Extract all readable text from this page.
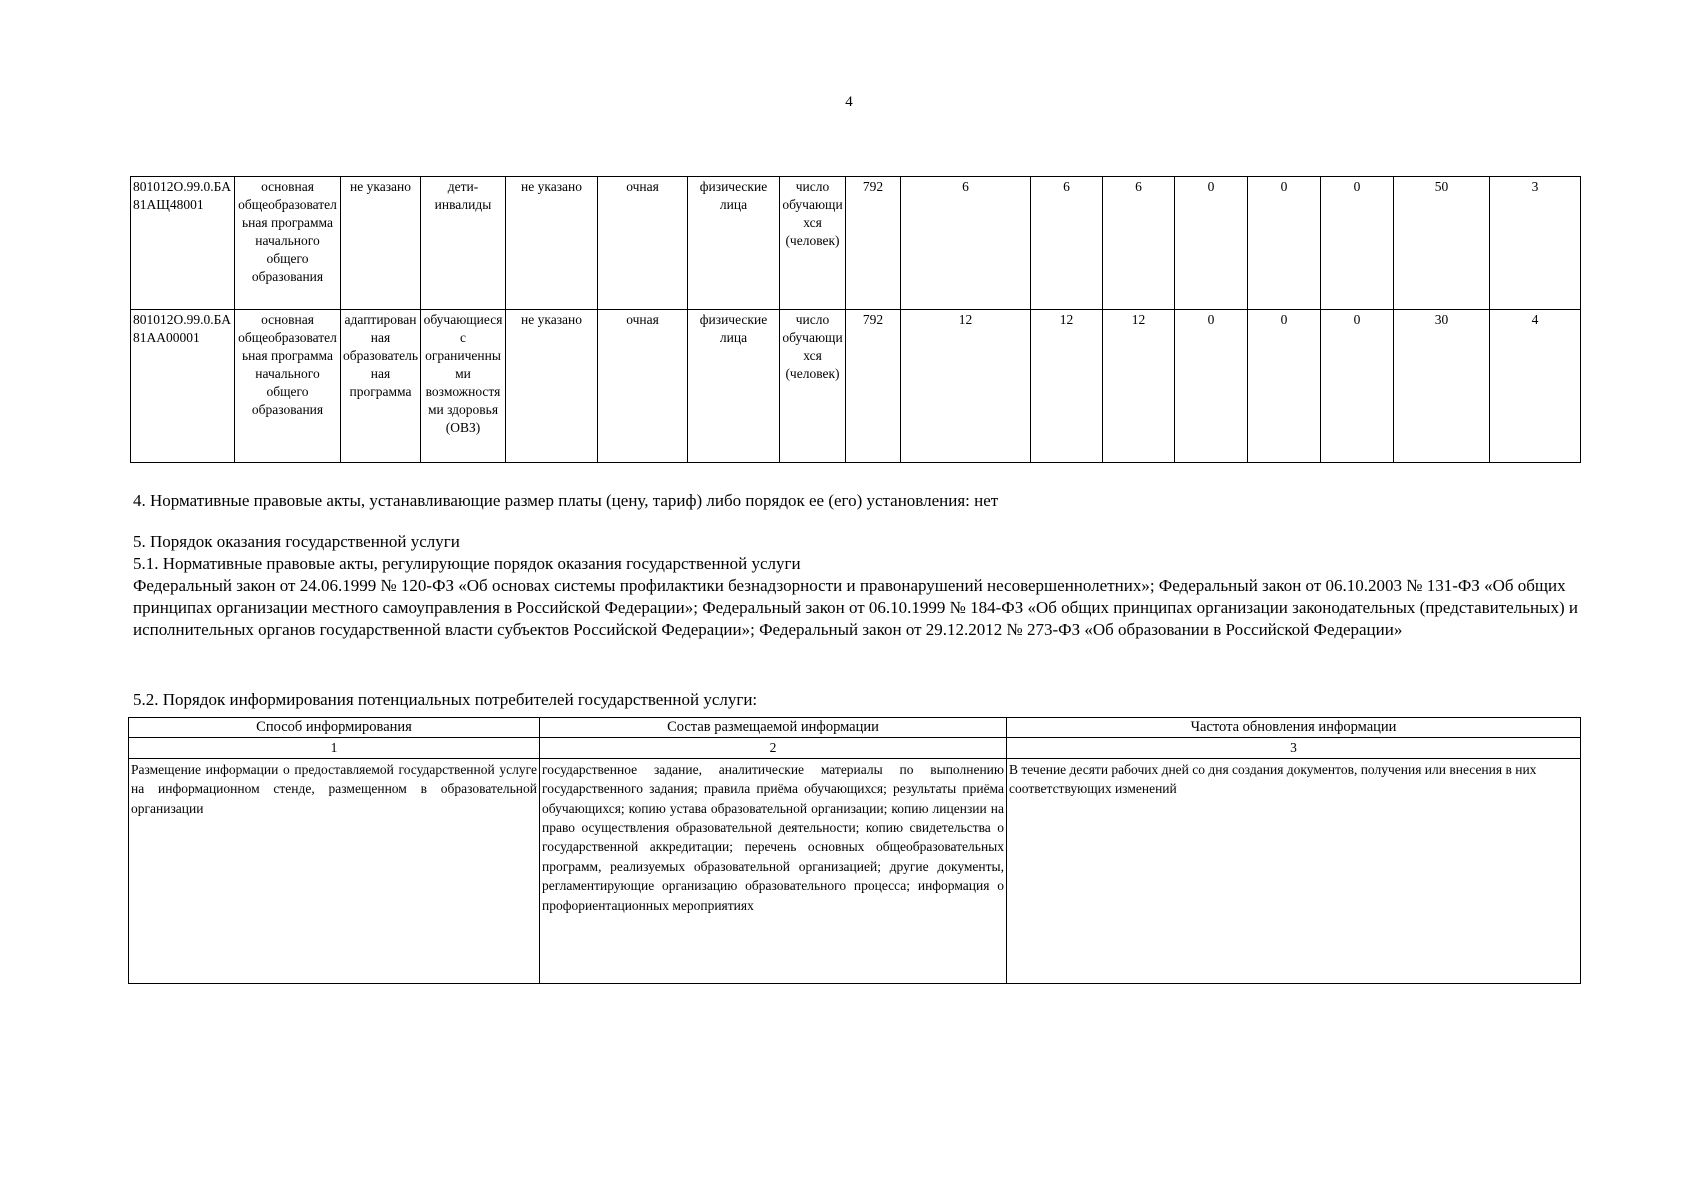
4
801012О.99.0.БА81АЩ48001	основная общеобразовательная программа начального общего образования	не указано	дети-инвалиды	не указано	очная	физические лица	число обучающихся (человек)	792	6	6	6	0	0	0	50	3
801012О.99.0.БА81АА00001	основная общеобразовательная программа начального общего образования	адаптированная образовательная программа	обучающиеся с ограниченными возможностями здоровья (ОВЗ)	не указано	очная	физические лица	число обучающихся (человек)	792	12	12	12	0	0	0	30	4
4. Нормативные правовые акты, устанавливающие размер платы (цену, тариф) либо порядок ее (его) установления: нет
5. Порядок оказания государственной услуги
5.1. Нормативные правовые акты, регулирующие порядок оказания государственной услуги
Федеральный закон от 24.06.1999 № 120-ФЗ «Об основах системы профилактики безнадзорности и правонарушений несовершеннолетних»; Федеральный закон от 06.10.2003 № 131-ФЗ «Об общих принципах организации местного самоуправления в Российской Федерации»; Федеральный закон от 06.10.1999 № 184-ФЗ «Об общих принципах организации законодательных (представительных) и исполнительных органов государственной власти субъектов Российской Федерации»; Федеральный закон от 29.12.2012 № 273-ФЗ «Об образовании в Российской Федерации»
5.2. Порядок информирования потенциальных потребителей государственной услуги:
Способ информирования	Состав размещаемой информации	Частота обновления информации
1	2	3
Размещение информации о предоставляемой государственной услуге на информационном стенде, размещенном в образовательной организации	государственное задание, аналитические материалы по выполнению государственного задания; правила приёма обучающихся; результаты приёма обучающихся; копию устава образовательной организации; копию лицензии на право осуществления образовательной деятельности; копию свидетельства о государственной аккредитации; перечень основных общеобразовательных программ, реализуемых образовательной организацией; другие документы, регламентирующие организацию образовательного процесса; информация о профориентационных мероприятиях	В течение десяти рабочих дней со дня создания документов, получения или внесения в них соответствующих изменений
